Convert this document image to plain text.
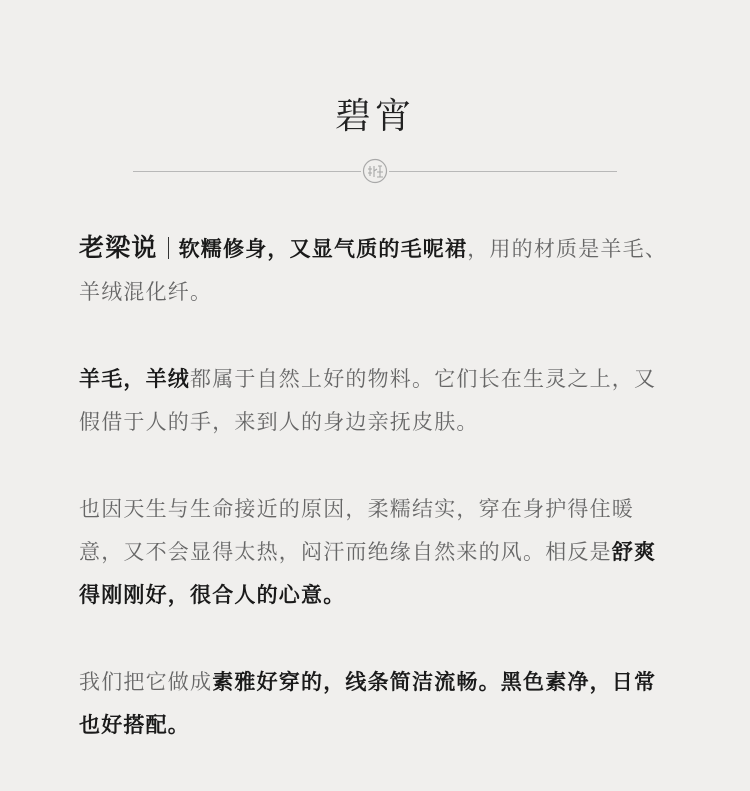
碧宵

老梁说 软糯修身，又显气质的毛呢裙，用的材质是羊毛、羊绒混化纤。

羊毛，羊绒都属于自然上好的物料。它们长在生灵之上，又假借于人的手，来到人的身边亲抚皮肤。

也因天生与生命接近的原因，柔糯结实，穿在身护得住暖意，又不会显得太热，闷汗而绝缘自然来的风。相反是舒爽得刚刚好，很合人的心意。

我们把它做成素雅好穿的，线条简洁流畅。黑色素净，日常也好搭配。
